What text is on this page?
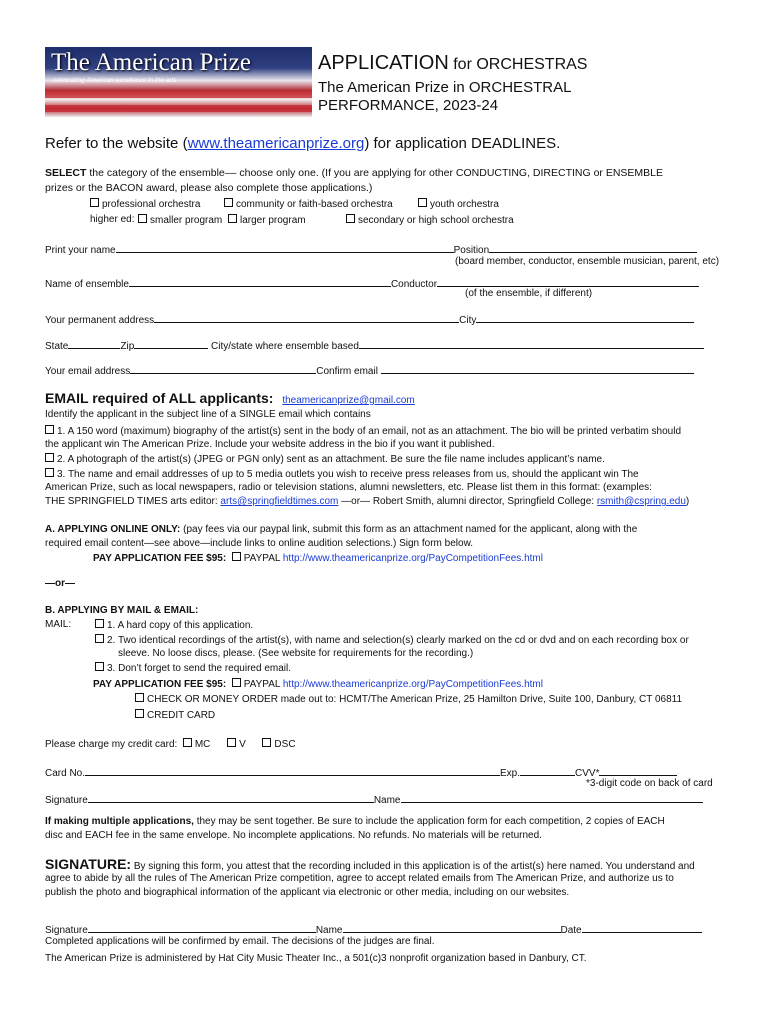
The American Prize
celebrating American excellence in the arts
APPLICATION for ORCHESTRAS
The American Prize in ORCHESTRAL
PERFORMANCE, 2023-24
Refer to the website (www.theamericanprize.org) for application DEADLINES.
SELECT the category of the ensemble–– choose only one. (If you are applying for other CONDUCTING, DIRECTING or ENSEMBLE
prizes or the BACON award, please also complete those applications.)
professional orchestra	community or faith-based orchestra	youth orchestra
higher ed:	smaller program	larger program	secondary or high school orchestra
Print your name	Position
(board member, conductor, ensemble musician, parent, etc)
Name of ensemble	Conductor
(of the ensemble, if different)
Your permanent address	City
State	Zip	City/state where ensemble based
Your email address	Confirm email
EMAIL required of ALL applicants: theamericanprize@gmail.com
Identify the applicant in the subject line of a SINGLE email which contains
1. A 150 word (maximum) biography of the artist(s) sent in the body of an email, not as an attachment. The bio will be printed verbatim should
the applicant win The American Prize. Include your website address in the bio if you want it published.
2. A photograph of the artist(s) (JPEG or PGN only) sent as an attachment. Be sure the file name includes applicant’s name.
3. The name and email addresses of up to 5 media outlets you wish to receive press releases from us, should the applicant win The
American Prize, such as local newspapers, radio or television stations, alumni newsletters, etc. Please list them in this format: (examples:
THE SPRINGFIELD TIMES arts editor: arts@springfieldtimes.com —or— Robert Smith, alumni director, Springfield College: rsmith@cspring.edu)
A. APPLYING ONLINE ONLY: (pay fees via our paypal link, submit this form as an attachment named for the applicant, along with the
required email content—see above—include links to online audition selections.) Sign form below.
PAY APPLICATION FEE $95: PAYPAL http://www.theamericanprize.org/PayCompetitionFees.html
—or—
B. APPLYING BY MAIL & EMAIL:
MAIL:	1. A hard copy of this application.
2. Two identical recordings of the artist(s), with name and selection(s) clearly marked on the cd or dvd and on each recording box or
sleeve. No loose discs, please. (See website for requirements for the recording.)
3. Don’t forget to send the required email.
PAY APPLICATION FEE $95: PAYPAL http://www.theamericanprize.org/PayCompetitionFees.html
CHECK OR MONEY ORDER made out to: HCMT/The American Prize, 25 Hamilton Drive, Suite 100, Danbury, CT 06811
CREDIT CARD
Please charge my credit card: MC	V	DSC
Card No.	Exp.	CVV*
*3-digit code on back of card
Signature	Name
If making multiple applications, they may be sent together. Be sure to include the application form for each competition, 2 copies of EACH
disc and EACH fee in the same envelope. No incomplete applications. No refunds. No materials will be returned.
SIGNATURE: By signing this form, you attest that the recording included in this application is of the artist(s) here named. You understand and
agree to abide by all the rules of The American Prize competition, agree to accept related emails from The American Prize, and authorize us to
publish the photo and biographical information of the applicant via electronic or other media, including on our websites.
Signature	Name	Date
Completed applications will be confirmed by email. The decisions of the judges are final.
The American Prize is administered by Hat City Music Theater Inc., a 501(c)3 nonprofit organization based in Danbury, CT.
